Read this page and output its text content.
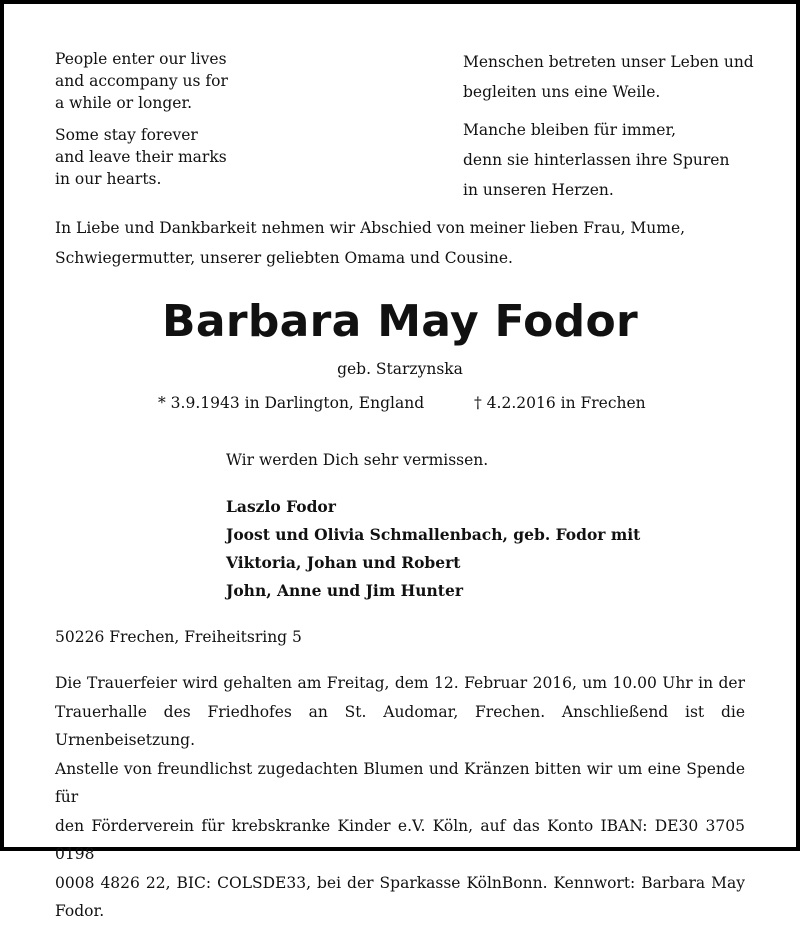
People enter our lives
and accompany us for
a while or longer.

Some stay forever
and leave their marks
in our hearts.

Menschen betreten unser Leben und
begleiten uns eine Weile.

Manche bleiben für immer,
denn sie hinterlassen ihre Spuren
in unseren Herzen.

In Liebe und Dankbarkeit nehmen wir Abschied von meiner lieben Frau, Mume,
Schwiegermutter, unserer geliebten Omama und Cousine.

Barbara May Fodor
geb. Starzynska
* 3.9.1943 in Darlington, England	† 4.2.2016 in Frechen
Wir werden Dich sehr vermissen.
Laszlo Fodor
Joost und Olivia Schmallenbach, geb. Fodor mit
Viktoria, Johan und Robert
John, Anne und Jim Hunter
50226 Frechen, Freiheitsring 5
Die Trauerfeier wird gehalten am Freitag, dem 12. Februar 2016, um 10.00 Uhr in der
Trauerhalle des Friedhofes an St. Audomar, Frechen. Anschließend ist die Urnenbeisetzung.
Anstelle von freundlichst zugedachten Blumen und Kränzen bitten wir um eine Spende für
den Förderverein für krebskranke Kinder e.V. Köln, auf das Konto IBAN: DE30 3705 0198
0008 4826 22, BIC: COLSDE33, bei der Sparkasse KölnBonn. Kennwort: Barbara May Fodor.
